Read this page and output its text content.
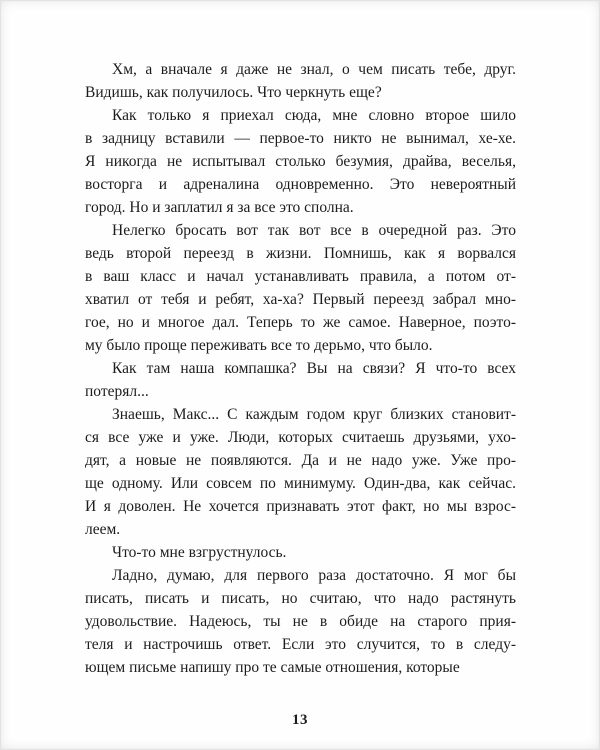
Хм, а вначале я даже не знал, о чем писать тебе, друг.
Видишь, как получилось. Что черкнуть еще?
Как только я приехал сюда, мне словно второе шило
в задницу вставили — первое-то никто не вынимал, хе-хе.
Я никогда не испытывал столько безумия, драйва, веселья,
восторга и адреналина одновременно. Это невероятный
город. Но и заплатил я за все это сполна.
Нелегко бросать вот так вот все в очередной раз. Это
ведь второй переезд в жизни. Помнишь, как я ворвался
в ваш класс и начал устанавливать правила, а потом от-
хватил от тебя и ребят, ха-ха? Первый переезд забрал мно-
гое, но и многое дал. Теперь то же самое. Наверное, поэто-
му было проще переживать все то дерьмо, что было.
Как там наша компашка? Вы на связи? Я что-то всех
потерял...
Знаешь, Макс... С каждым годом круг близких становит-
ся все уже и уже. Люди, которых считаешь друзьями, ухо-
дят, а новые не появляются. Да и не надо уже. Уже про-
ще одному. Или совсем по минимуму. Один-два, как сейчас.
И я доволен. Не хочется признавать этот факт, но мы взрос-
леем.
Что-то мне взгрустнулось.
Ладно, думаю, для первого раза достаточно. Я мог бы
писать, писать и писать, но считаю, что надо растянуть
удовольствие. Надеюсь, ты не в обиде на старого прия-
теля и настрочишь ответ. Если это случится, то в следу-
ющем письме напишу про те самые отношения, которые
13
